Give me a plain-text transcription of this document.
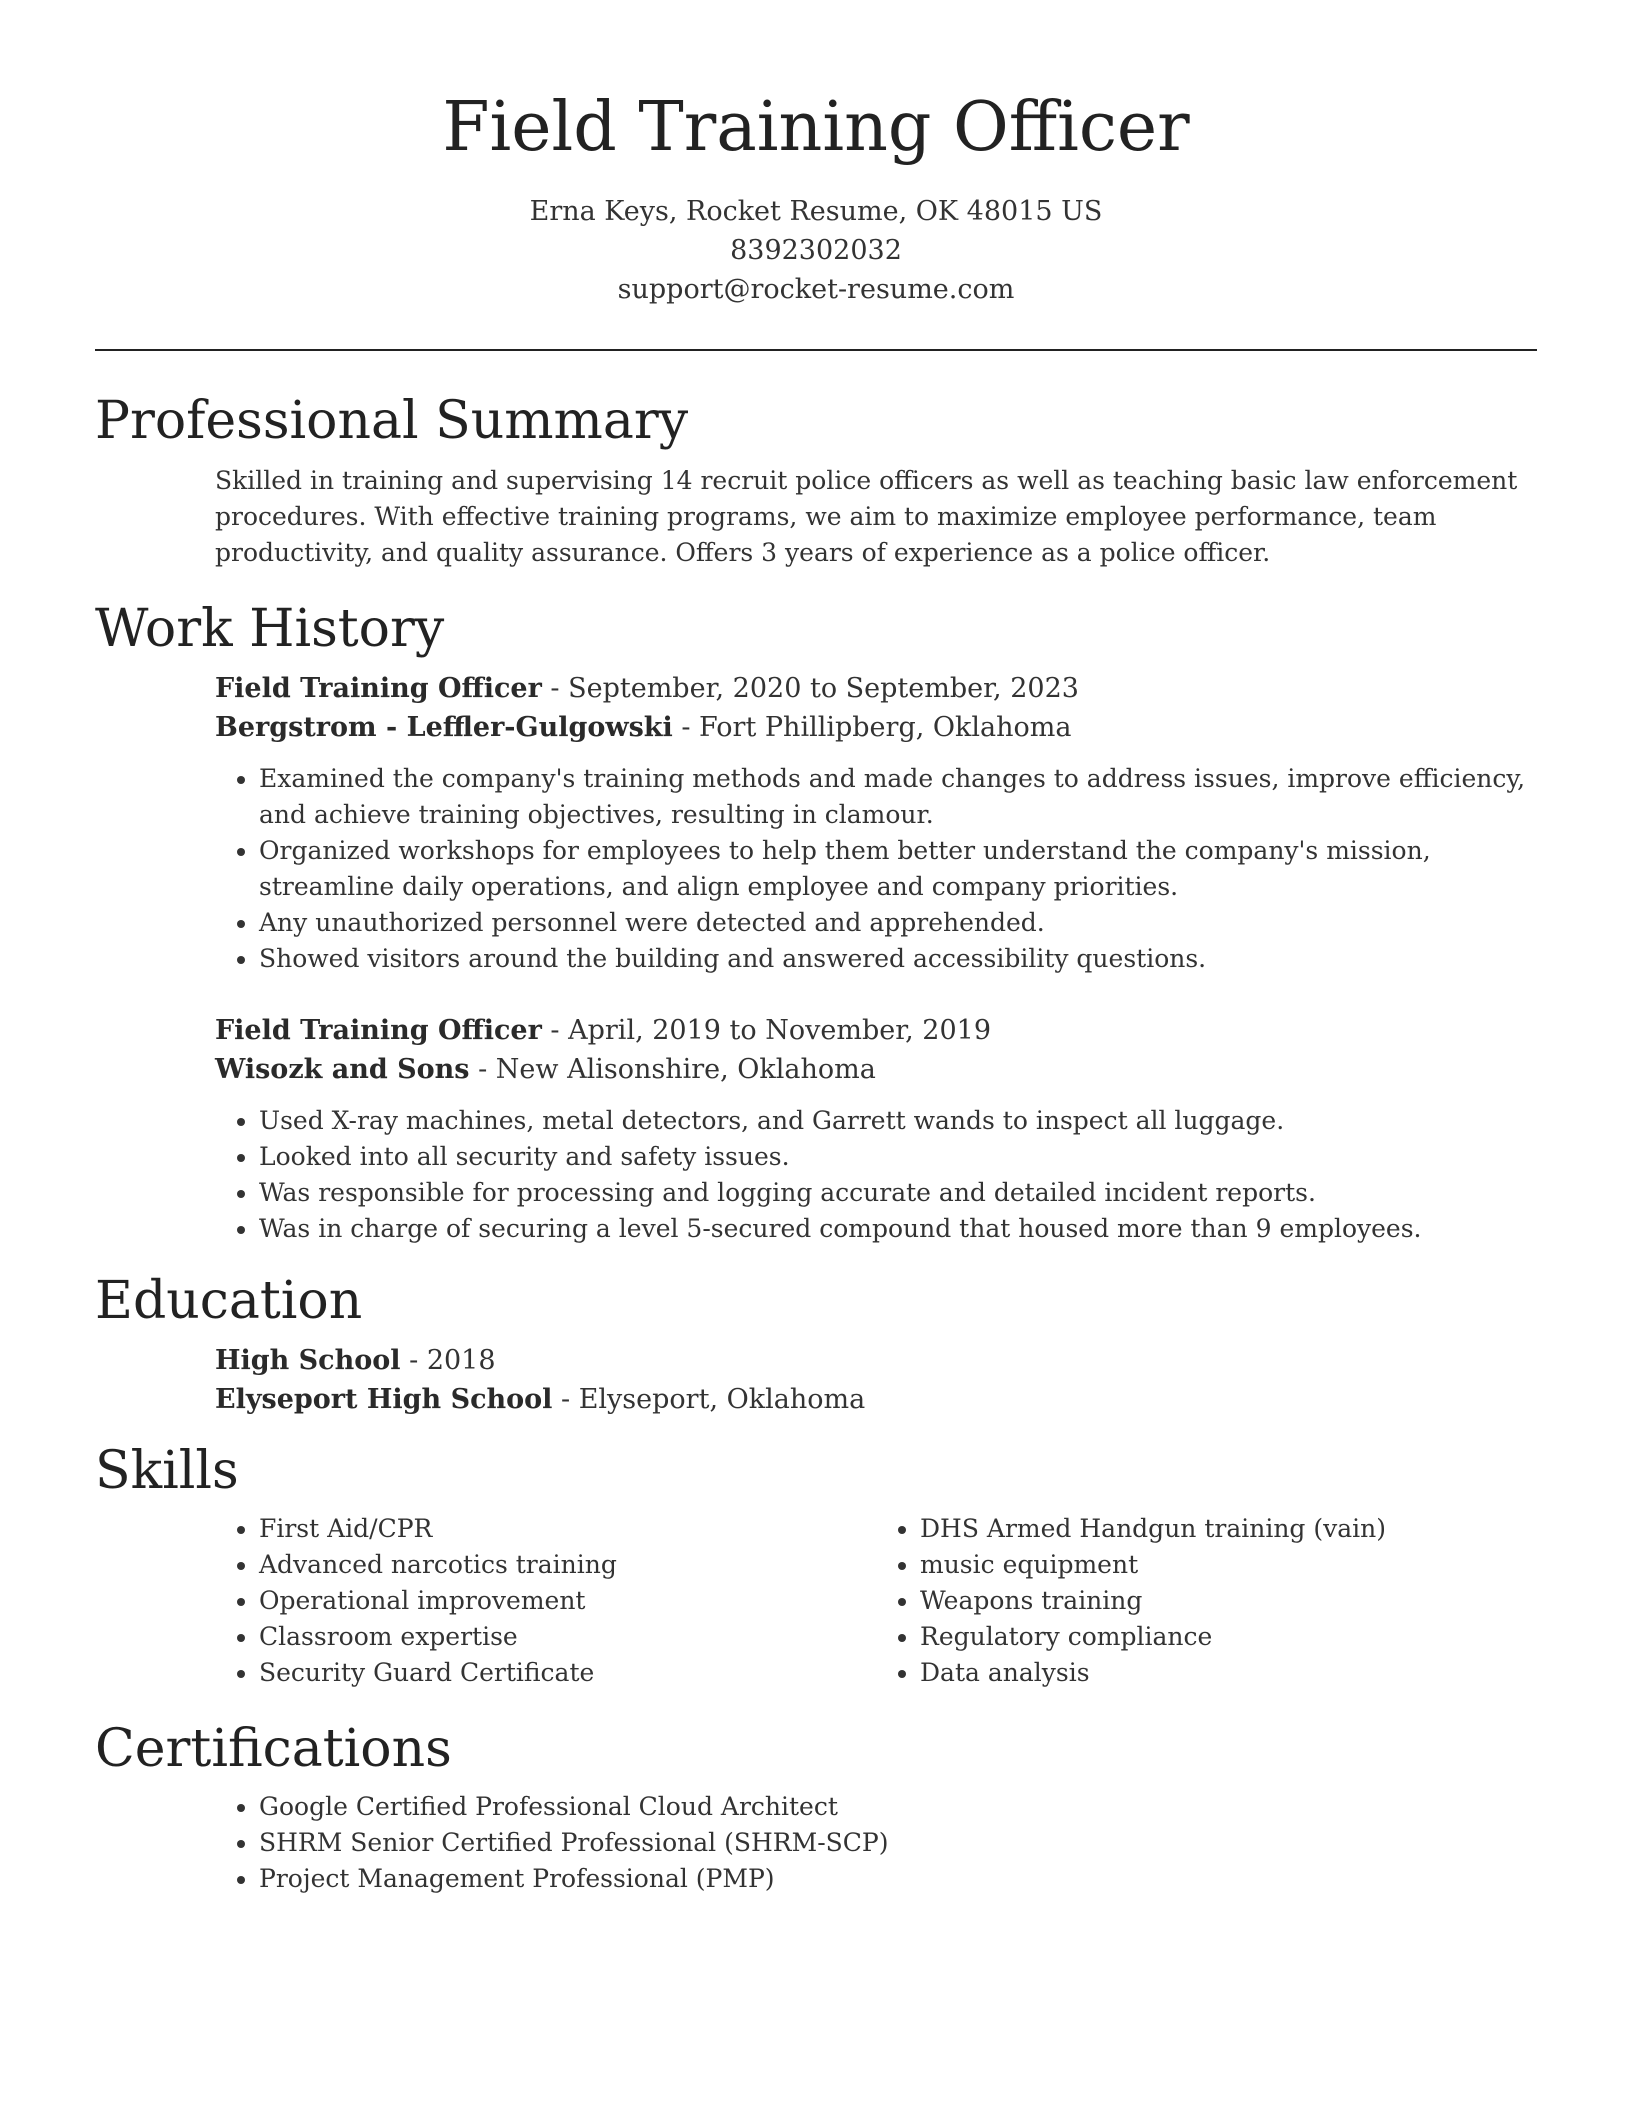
Field Training Officer
Erna Keys, Rocket Resume, OK 48015 US
8392302032
support@rocket-resume.com
Professional Summary
Skilled in training and supervising 14 recruit police officers as well as teaching basic law enforcement procedures. With effective training programs, we aim to maximize employee performance, team productivity, and quality assurance. Offers 3 years of experience as a police officer.
Work History
Field Training Officer - September, 2020 to September, 2023
Bergstrom - Leffler-Gulgowski - Fort Phillipberg, Oklahoma
• Examined the company's training methods and made changes to address issues, improve efficiency, and achieve training objectives, resulting in clamour.
• Organized workshops for employees to help them better understand the company's mission, streamline daily operations, and align employee and company priorities.
• Any unauthorized personnel were detected and apprehended.
• Showed visitors around the building and answered accessibility questions.
Field Training Officer - April, 2019 to November, 2019
Wisozk and Sons - New Alisonshire, Oklahoma
• Used X-ray machines, metal detectors, and Garrett wands to inspect all luggage.
• Looked into all security and safety issues.
• Was responsible for processing and logging accurate and detailed incident reports.
• Was in charge of securing a level 5-secured compound that housed more than 9 employees.
Education
High School - 2018
Elyseport High School - Elyseport, Oklahoma
Skills
• First Aid/CPR
• Advanced narcotics training
• Operational improvement
• Classroom expertise
• Security Guard Certificate
• DHS Armed Handgun training (vain)
• music equipment
• Weapons training
• Regulatory compliance
• Data analysis
Certifications
• Google Certified Professional Cloud Architect
• SHRM Senior Certified Professional (SHRM-SCP)
• Project Management Professional (PMP)
